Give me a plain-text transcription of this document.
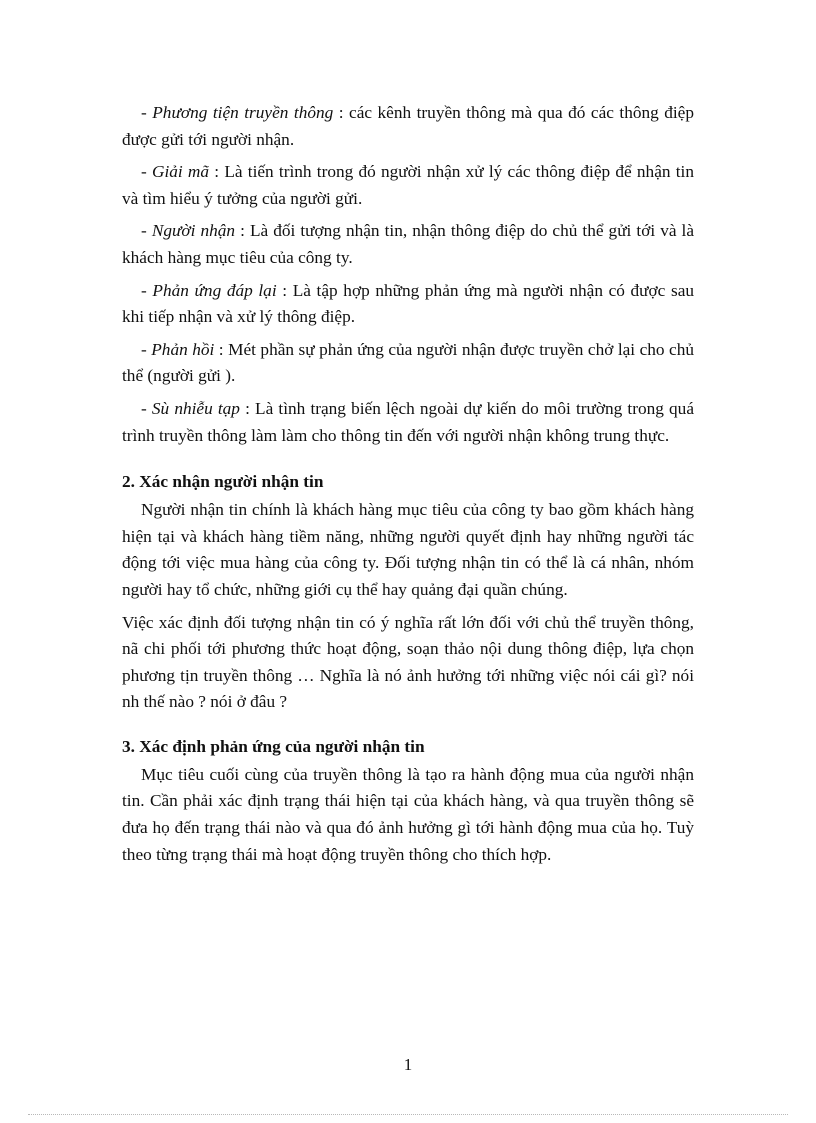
- Phương tiện truyền thông : các kênh truyền thông mà qua đó các thông điệp được gửi tới người nhận.

- Giải mã : Là tiến trình trong đó người nhận xử lý các thông điệp để nhận tin và tìm hiểu ý tưởng của người gửi.

- Người nhận : Là đối tượng nhận tin, nhận thông điệp do chủ thể gửi tới và là khách hàng mục tiêu của công ty.

- Phản ứng đáp lại : Là tập hợp những phản ứng mà người nhận có được sau khi tiếp nhận và xử lý thông điệp.

- Phản hồi : Mét phần sự phản ứng của người nhận được truyền chở lại cho chủ thể (người gửi ).

- Sù nhiễu tạp : Là tình trạng biến lệch ngoài dự kiến do môi trường trong quá trình truyền thông làm làm cho thông tin đến với người nhận không trung thực.

2. Xác nhận người nhận tin

Người nhận tin chính là khách hàng mục tiêu của công ty bao gồm khách hàng hiện tại và khách hàng tiềm năng, những người quyết định hay những người tác động tới việc mua hàng của công ty. Đối tượng nhận tin có thể là cá nhân, nhóm người hay tổ chức, những giới cụ thể hay quảng đại quần chúng.

Việc xác định đối tượng nhận tin có ý nghĩa rất lớn đối với chủ thể truyền thông, nã chi phối tới phương thức hoạt động, soạn thảo nội dung thông điệp, lựa chọn phương tịn truyền thông … Nghĩa là nó ảnh hưởng tới những việc nói cái gì? nói nh thế nào ? nói ở đâu ?

3. Xác định phản ứng của người nhận tin

Mục tiêu cuối cùng của truyền thông là tạo ra hành động mua của người nhận tin. Cần phải xác định trạng thái hiện tại của khách hàng, và qua truyền thông sẽ đưa họ đến trạng thái nào và qua đó ảnh hưởng gì tới hành động mua của họ. Tuỳ theo từng trạng thái mà hoạt động truyền thông cho thích hợp.

1
